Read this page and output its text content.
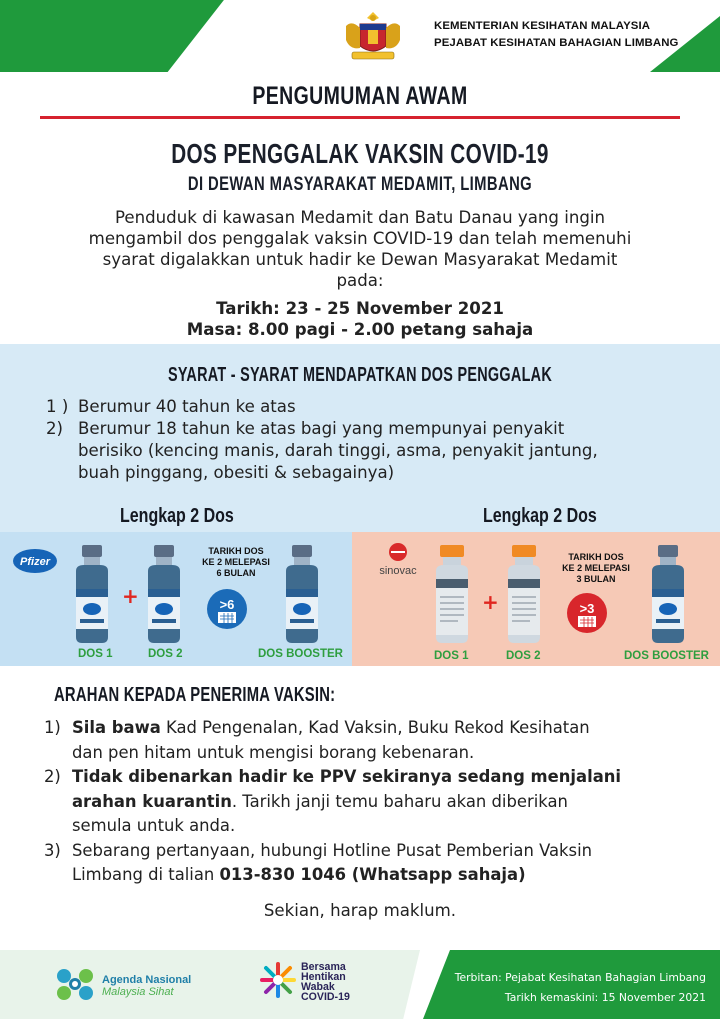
KEMENTERIAN KESIHATAN MALAYSIA
PEJABAT KESIHATAN BAHAGIAN LIMBANG
PENGUMUMAN AWAM
DOS PENGGALAK VAKSIN COVID-19
DI DEWAN MASYARAKAT MEDAMIT, LIMBANG
Penduduk di kawasan Medamit dan Batu Danau yang ingin
mengambil dos penggalak vaksin COVID-19 dan telah memenuhi
syarat digalakkan untuk hadir ke Dewan Masyarakat Medamit
pada:
Tarikh: 23 - 25 November 2021
Masa: 8.00 pagi - 2.00 petang sahaja
SYARAT - SYARAT MENDAPATKAN DOS PENGGALAK
1 ) Berumur 40 tahun ke atas
2) Berumur 18 tahun ke atas bagi yang mempunyai penyakit
berisiko (kencing manis, darah tinggi, asma, penyakit jantung,
buah pinggang, obesiti & sebagainya)
Lengkap 2 Dos	Lengkap 2 Dos
Pfizer
+
TARIKH DOS
KE 2 MELEPASI
6 BULAN
>6
DOS 1	DOS 2	DOS BOOSTER
sinovac
+
TARIKH DOS
KE 2 MELEPASI
3 BULAN
>3
DOS 1	DOS 2	DOS BOOSTER
ARAHAN KEPADA PENERIMA VAKSIN:
1) Sila bawa Kad Pengenalan, Kad Vaksin, Buku Rekod Kesihatan
dan pen hitam untuk mengisi borang kebenaran.
2) Tidak dibenarkan hadir ke PPV sekiranya sedang menjalani
arahan kuarantin. Tarikh janji temu baharu akan diberikan
semula untuk anda.
3) Sebarang pertanyaan, hubungi Hotline Pusat Pemberian Vaksin
Limbang di talian 013-830 1046 (Whatsapp sahaja)
Sekian, harap maklum.
Agenda Nasional
Malaysia Sihat
Bersama
Hentikan
Wabak
COVID-19
Terbitan: Pejabat Kesihatan Bahagian Limbang
Tarikh kemaskini: 15 November 2021
